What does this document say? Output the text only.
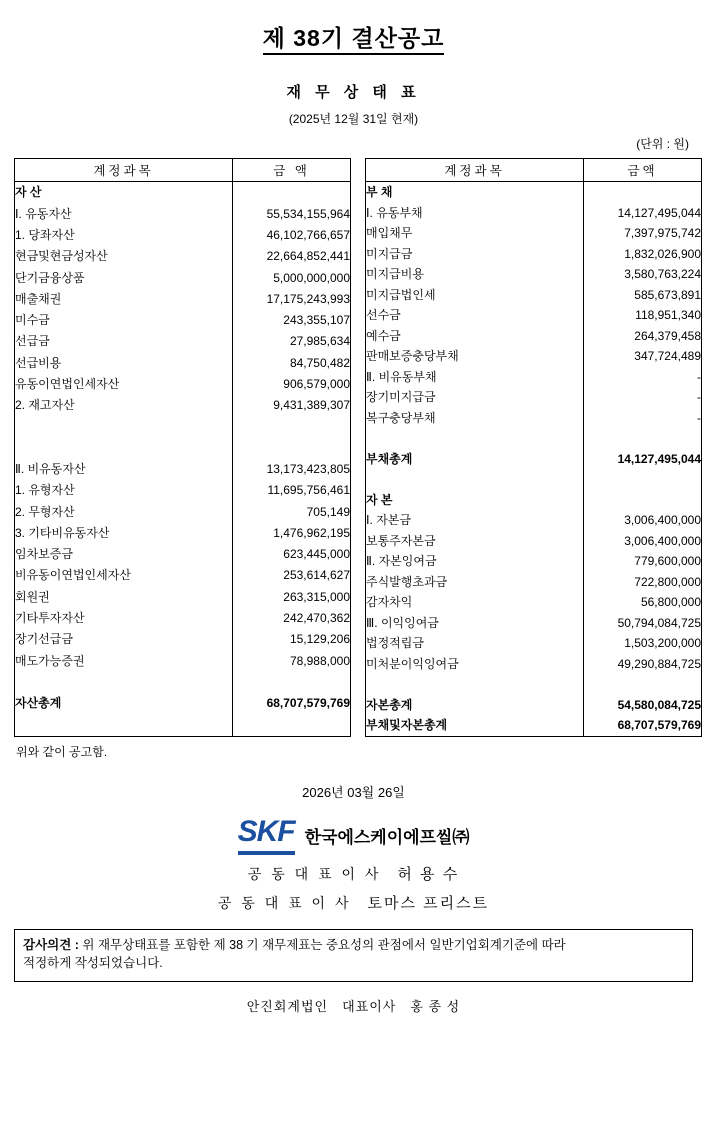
제 38기 결산공고
재 무 상 태 표
(2025년 12월 31일 현재)
(단위 : 원)
계정과목	금 액
자 산	
Ⅰ. 유동자산	55,534,155,964
1. 당좌자산	46,102,766,657
현금및현금성자산	22,664,852,441
단기금융상품	5,000,000,000
매출채권	17,175,243,993
미수금	243,355,107
선급금	27,985,634
선급비용	84,750,482
유동이연법인세자산	906,579,000
2. 재고자산	9,431,389,307

Ⅱ. 비유동자산	13,173,423,805
1. 유형자산	11,695,756,461
2. 무형자산	705,149
3. 기타비유동자산	1,476,962,195
임차보증금	623,445,000
비유동이연법인세자산	253,614,627
회원권	263,315,000
기타투자자산	242,470,362
장기선급금	15,129,206
매도가능증권	78,988,000

자산총계	68,707,579,769

계정과목	금액
부 채	
Ⅰ. 유동부채	14,127,495,044
매입채무	7,397,975,742
미지급금	1,832,026,900
미지급비용	3,580,763,224
미지급법인세	585,673,891
선수금	118,951,340
예수금	264,379,458
판매보증충당부채	347,724,489
Ⅱ. 비유동부채	-
장기미지급금	-
복구충당부채	-

부채총계	14,127,495,044

자 본	
Ⅰ. 자본금	3,006,400,000
보통주자본금	3,006,400,000
Ⅱ. 자본잉여금	779,600,000
주식발행초과금	722,800,000
감자차익	56,800,000
Ⅲ. 이익잉여금	50,794,084,725
법정적립금	1,503,200,000
미처분이익잉여금	49,290,884,725

자본총계	54,580,084,725
부채및자본총계	68,707,579,769
위와 같이 공고함.
2026년 03월 26일
SKF 한국에스케이에프씰㈜
공 동 대 표 이 사 허 용 수
공 동 대 표 이 사 토마스 프리스트
감사의견 : 위 재무상태표를 포함한 제 38 기 재무제표는 중요성의 관점에서 일반기업회계기준에 따라
적정하게 작성되었습니다.
안진회계법인 대표이사 홍 종 성
